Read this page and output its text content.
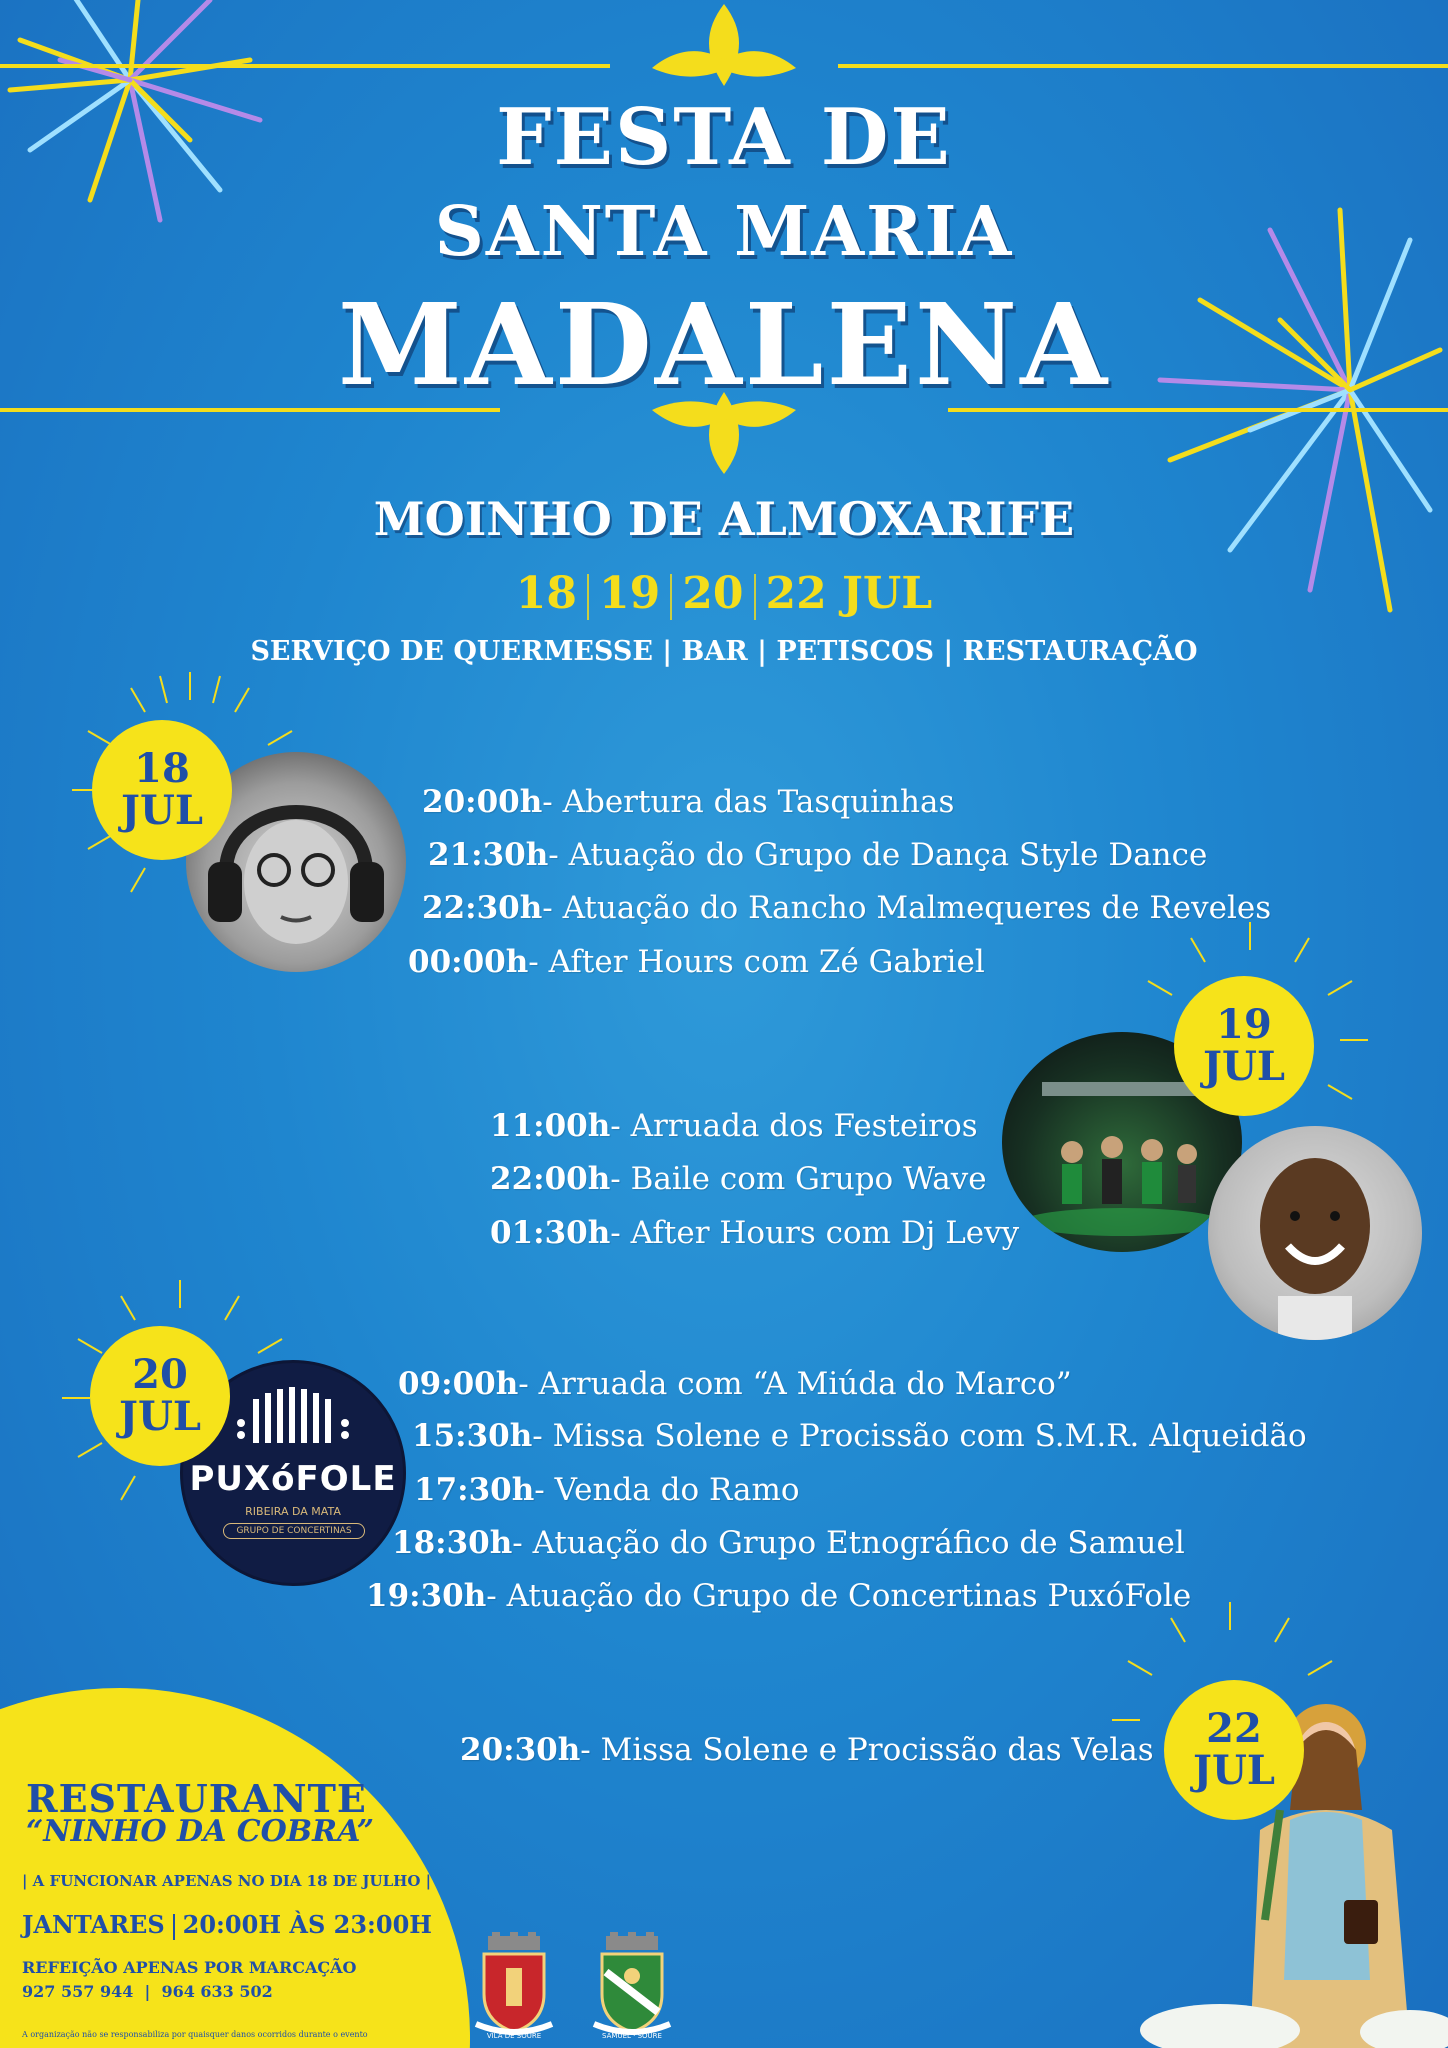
FESTA DE
SANTA MARIA
MADALENA
MOINHO DE ALMOXARIFE
18 19 20 22 JUL
SERVIÇO DE QUERMESSE | BAR | PETISCOS | RESTAURAÇÃO
18
JUL	20:00h- Abertura das Tasquinhas
21:30h- Atuação do Grupo de Dança Style Dance
22:30h- Atuação do Rancho Malmequeres de Reveles
00:00h- After Hours com Zé Gabriel
19
JUL
11:00h- Arruada dos Festeiros
22:00h- Baile com Grupo Wave
01:30h- After Hours com Dj Levy
PUXóFOLE
RIBEIRA DA MATA
GRUPO DE CONCERTINAS
20
JUL
09:00h- Arruada com “A Miúda do Marco”
15:30h- Missa Solene e Procissão com S.M.R. Alqueidão
17:30h- Venda do Ramo
18:30h- Atuação do Grupo Etnográfico de Samuel
19:30h- Atuação do Grupo de Concertinas PuxóFole
22
JUL
20:30h- Missa Solene e Procissão das Velas
RESTAURANTE
“NINHO DA COBRA”
| A FUNCIONAR APENAS NO DIA 18 DE JULHO |
JANTARES 20:00H ÀS 23:00H
REFEIÇÃO APENAS POR MARCAÇÃO
927 557 944  |  964 633 502
A organização não se responsabiliza por quaisquer danos ocorridos durante o evento	VILA DE SOURE	SAMUEL · SOURE
